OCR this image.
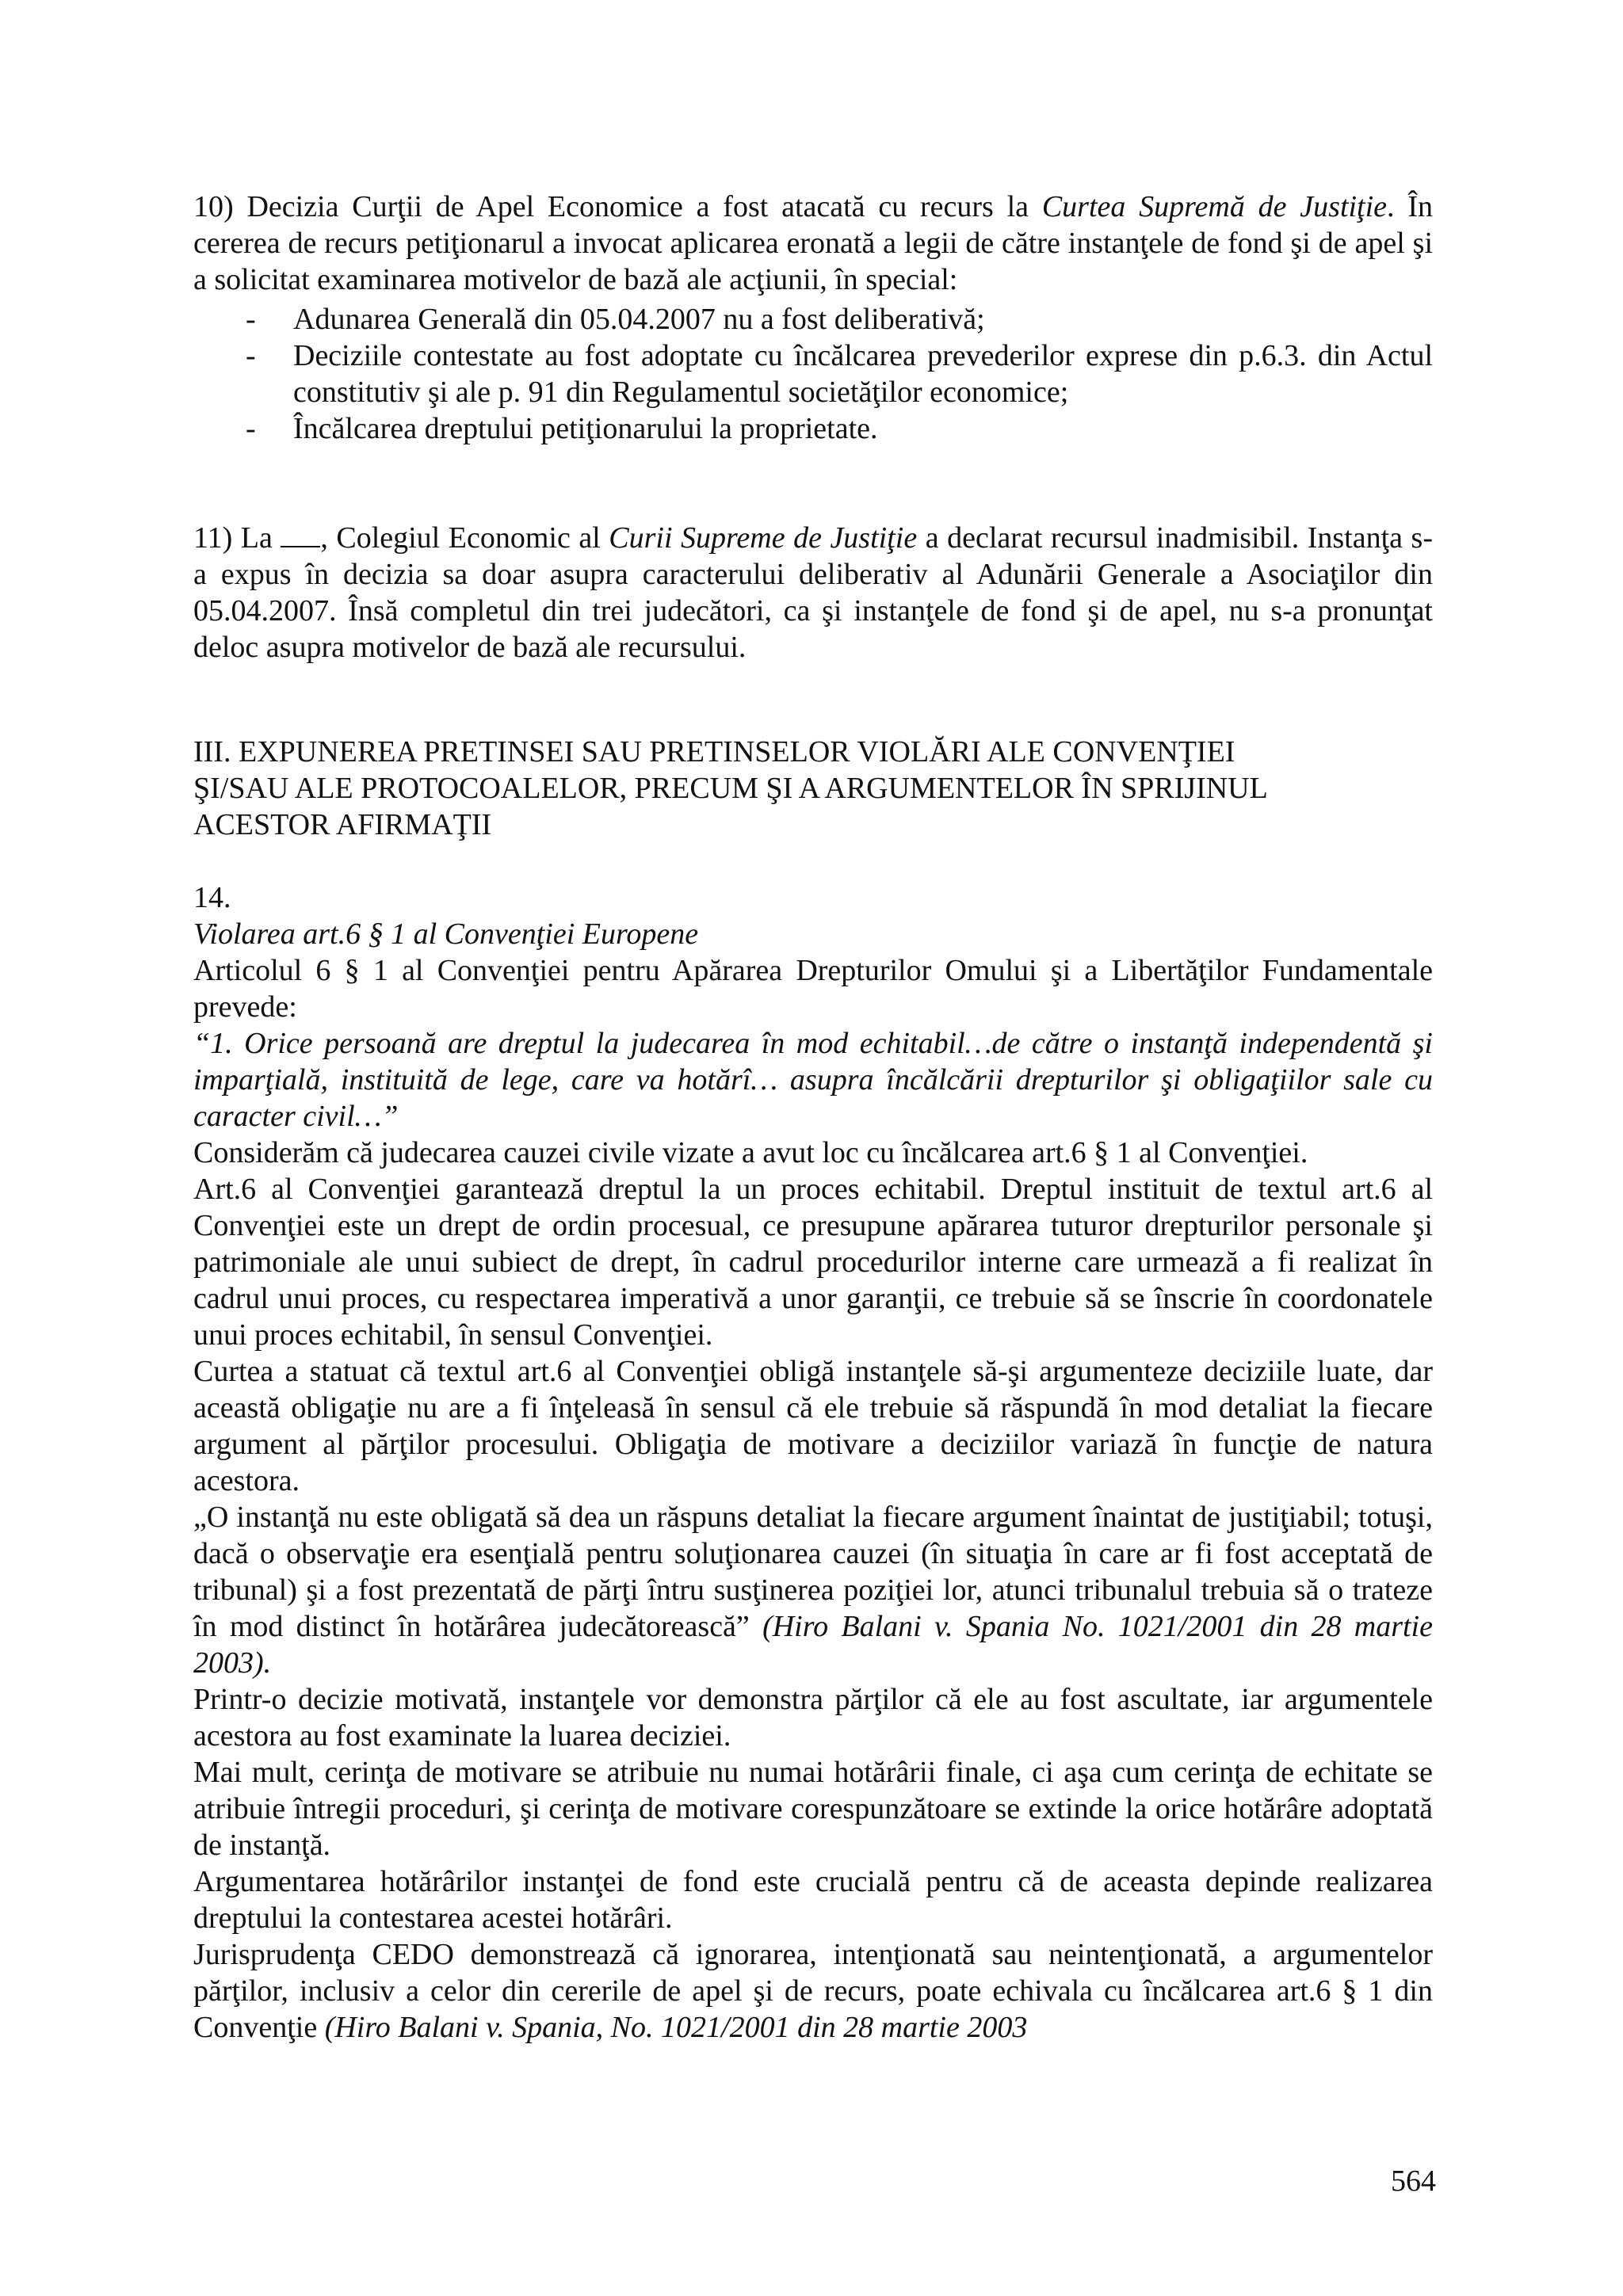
10) Decizia Curţii de Apel Economice a fost atacată cu recurs la Curtea Supremă de Justiţie. În cererea de recurs petiţionarul a invocat aplicarea eronată a legii de către instanţele de fond şi de apel şi a solicitat examinarea motivelor de bază ale acţiunii, în special:

- Adunarea Generală din 05.04.2007 nu a fost deliberativă;
- Deciziile contestate au fost adoptate cu încălcarea prevederilor exprese din p.6.3. din Actul constitutiv şi ale p. 91 din Regulamentul societăţilor economice;
- Încălcarea dreptului petiţionarului la proprietate.

11) La , Colegiul Economic al Curii Supreme de Justiţie a declarat recursul inadmisibil. Instanţa s-a expus în decizia sa doar asupra caracterului deliberativ al Adunării Generale a Asociaţilor din 05.04.2007. Însă completul din trei judecători, ca şi instanţele de fond şi de apel, nu s-a pronunţat deloc asupra motivelor de bază ale recursului.

III. EXPUNEREA PRETINSEI SAU PRETINSELOR VIOLĂRI ALE CONVENŢIEI
ŞI/SAU ALE PROTOCOALELOR, PRECUM ŞI A ARGUMENTELOR ÎN SPRIJINUL
ACESTOR AFIRMAŢII

14.

Violarea art.6 § 1 al Convenţiei Europene

Articolul 6 § 1 al Convenţiei pentru Apărarea Drepturilor Omului şi a Libertăţilor Fundamentale prevede:

“1. Orice persoană are dreptul la judecarea în mod echitabil…de către o instanţă independentă şi imparţială, instituită de lege, care va hotărî… asupra încălcării drepturilor şi obligaţiilor sale cu caracter civil…”

Considerăm că judecarea cauzei civile vizate a avut loc cu încălcarea art.6 § 1 al Convenţiei.

Art.6 al Convenţiei garantează dreptul la un proces echitabil. Dreptul instituit de textul art.6 al Convenţiei este un drept de ordin procesual, ce presupune apărarea tuturor drepturilor personale şi patrimoniale ale unui subiect de drept, în cadrul procedurilor interne care urmează a fi realizat în cadrul unui proces, cu respectarea imperativă a unor garanţii, ce trebuie să se înscrie în coordonatele unui proces echitabil, în sensul Convenţiei.

Curtea a statuat că textul art.6 al Convenţiei obligă instanţele să-şi argumenteze deciziile luate, dar această obligaţie nu are a fi înţeleasă în sensul că ele trebuie să răspundă în mod detaliat la fiecare argument al părţilor procesului. Obligaţia de motivare a deciziilor variază în funcţie de natura acestora.

„O instanţă nu este obligată să dea un răspuns detaliat la fiecare argument înaintat de justiţiabil; totuşi, dacă o observaţie era esenţială pentru soluţionarea cauzei (în situaţia în care ar fi fost acceptată de tribunal) şi a fost prezentată de părţi întru susţinerea poziţiei lor, atunci tribunalul trebuia să o trateze în mod distinct în hotărârea judecătorească” (Hiro Balani v. Spania No. 1021/2001 din 28 martie 2003).

Printr-o decizie motivată, instanţele vor demonstra părţilor că ele au fost ascultate, iar argumentele acestora au fost examinate la luarea deciziei.

Mai mult, cerinţa de motivare se atribuie nu numai hotărârii finale, ci aşa cum cerinţa de echitate se atribuie întregii proceduri, şi cerinţa de motivare corespunzătoare se extinde la orice hotărâre adoptată de instanţă.

Argumentarea hotărârilor instanţei de fond este crucială pentru că de aceasta depinde realizarea dreptului la contestarea acestei hotărâri.

Jurisprudenţa CEDO demonstrează că ignorarea, intenţionată sau neintenţionată, a argumentelor părţilor, inclusiv a celor din cererile de apel şi de recurs, poate echivala cu încălcarea art.6 § 1 din Convenţie (Hiro Balani v. Spania, No. 1021/2001 din 28 martie 2003

564
